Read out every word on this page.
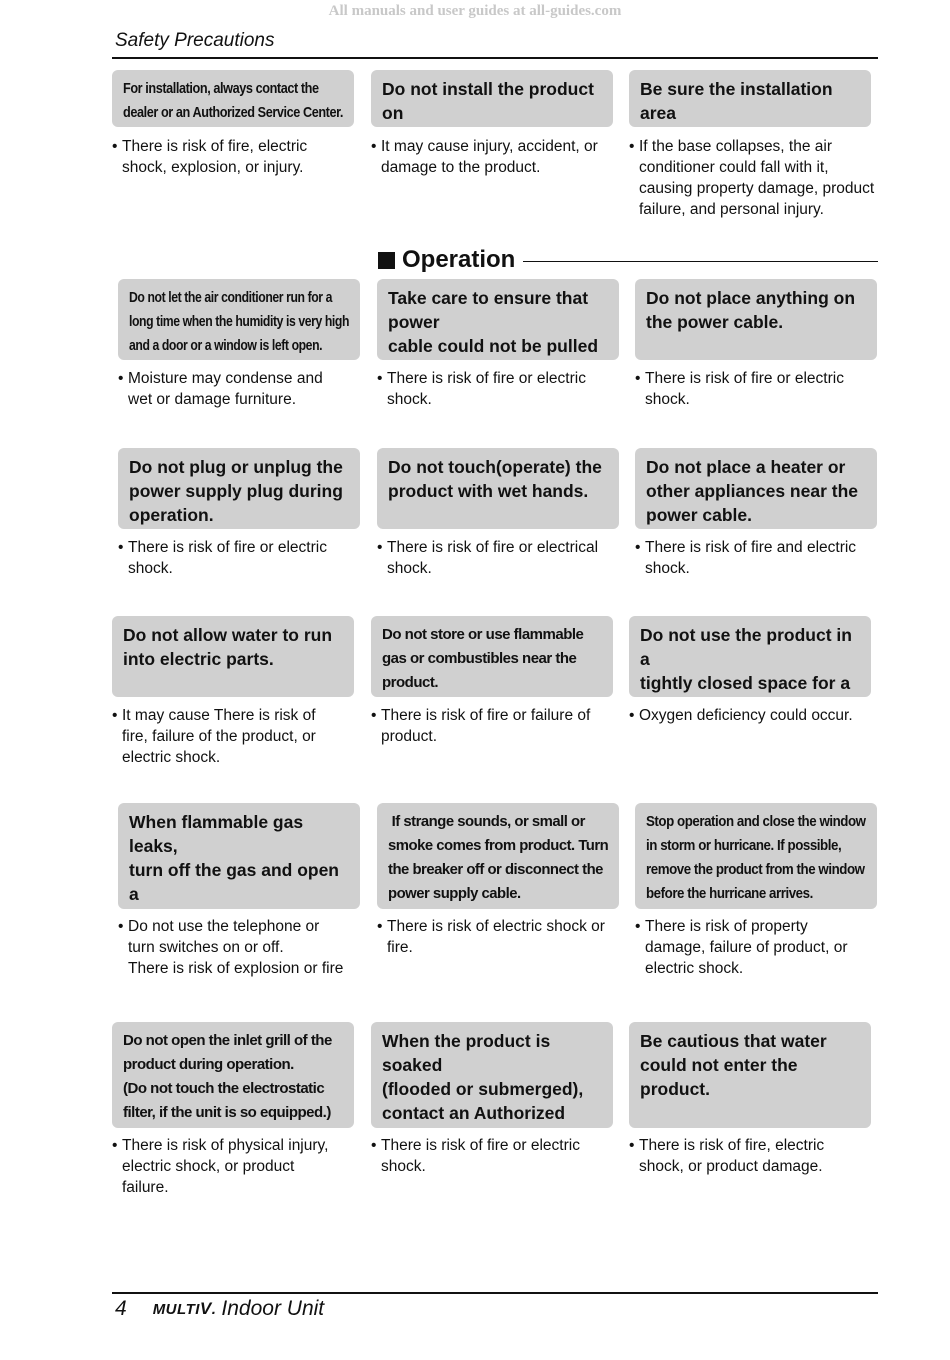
All manuals and user guides at all-guides.com
Safety Precautions
Operation
For installation, always contact the
dealer or an Authorized Service Center.
• There is risk of fire, electric
shock, explosion, or injury.
Do not install the product on

• It may cause injury, accident, or
damage to the product.
Be sure the installation area

• If the base collapses, the air
conditioner could fall with it,
causing property damage, product
failure, and personal injury.
Do not let the air conditioner run for a
long time when the humidity is very high
and a door or a window is left open.
• Moisture may condense and
wet or damage furniture.
Take care to ensure that power
cable could not be pulled

• There is risk of fire or electric
shock.
Do not place anything on
the power cable.
• There is risk of fire or electric
shock.
Do not plug or unplug the
power supply plug during
operation.
• There is risk of fire or electric
shock.
Do not touch(operate) the
product with wet hands.
• There is risk of fire or electrical
shock.
Do not place a heater or
other appliances near the
power cable.
• There is risk of fire and electric
shock.
Do not allow water to run
into electric parts.
• It may cause There is risk of
fire, failure of the product, or
electric shock.
Do not store or use flammable
gas or combustibles near the
product.
• There is risk of fire or failure of
product.
Do not use the product in a
tightly closed space for a

• Oxygen deficiency could occur.
When flammable gas leaks,
turn off the gas and open a

• Do not use the telephone or
turn switches on or off.
There is risk of explosion or fire
If strange sounds, or small or
smoke comes from product. Turn
the breaker off or disconnect the
power supply cable.
• There is risk of electric shock or
fire.
Stop operation and close the window
in storm or hurricane. If possible,
remove the product from the window
before the hurricane arrives.
• There is risk of property
damage, failure of product, or
electric shock.
Do not open the inlet grill of the
product during operation.
(Do not touch the electrostatic
filter, if the unit is so equipped.)
• There is risk of physical injury,
electric shock, or product
failure.
When the product is soaked
(flooded or submerged),
contact an Authorized

• There is risk of fire or electric
shock.
Be cautious that water
could not enter the product.
• There is risk of fire, electric
shock, or product damage.
4 MULTIV. Indoor Unit
